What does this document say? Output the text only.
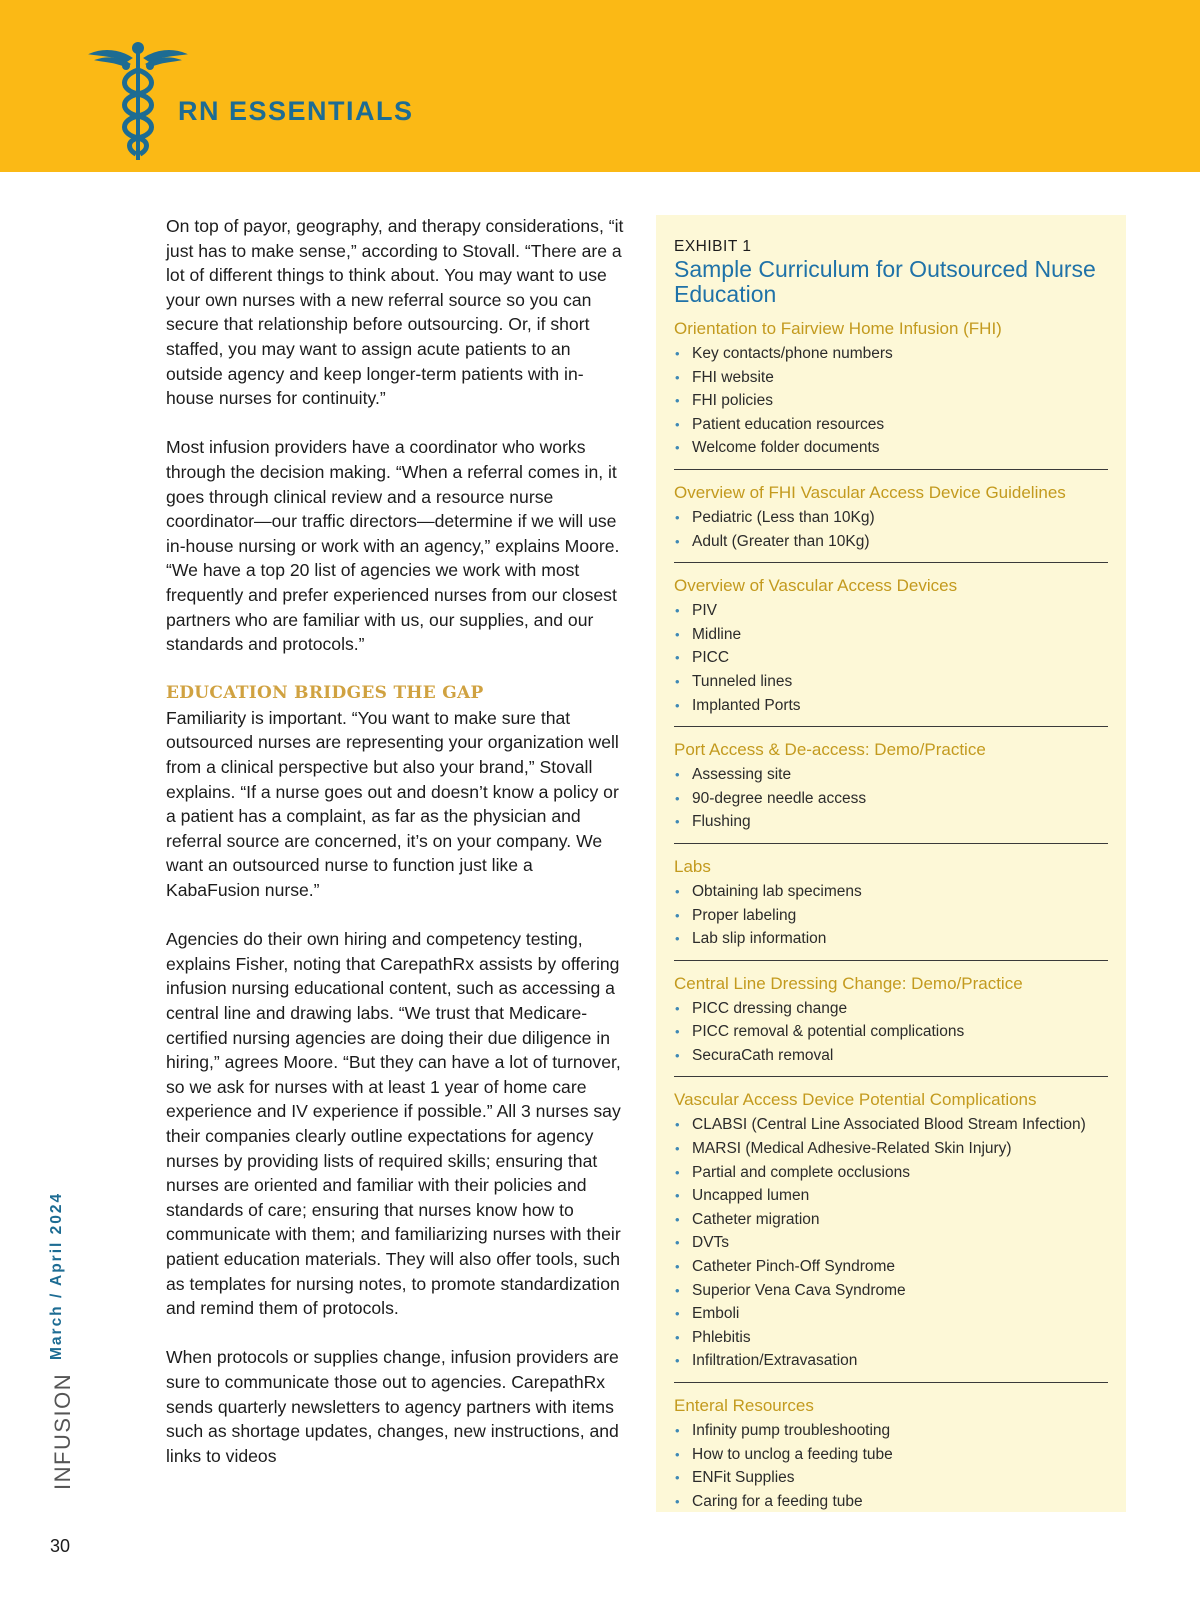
RN ESSENTIALS

On top of payor, geography, and therapy considerations, “it just has to make sense,” according to Stovall. “There are a lot of different things to think about. You may want to use your own nurses with a new referral source so you can secure that relationship before outsourcing. Or, if short staffed, you may want to assign acute patients to an outside agency and keep longer-term patients with in-house nurses for continuity.”

Most infusion providers have a coordinator who works through the decision making. “When a referral comes in, it goes through clinical review and a resource nurse coordinator—our traffic directors—determine if we will use in-house nursing or work with an agency,” explains Moore. “We have a top 20 list of agencies we work with most frequently and prefer experienced nurses from our closest partners who are familiar with us, our supplies, and our standards and protocols.”

EDUCATION BRIDGES THE GAP

Familiarity is important. “You want to make sure that outsourced nurses are representing your organization well from a clinical perspective but also your brand,” Stovall explains. “If a nurse goes out and doesn’t know a policy or a patient has a complaint, as far as the physician and referral source are concerned, it’s on your company. We want an outsourced nurse to function just like a KabaFusion nurse.”

Agencies do their own hiring and competency testing, explains Fisher, noting that CarepathRx assists by offering infusion nursing educational content, such as accessing a central line and drawing labs. “We trust that Medicare-certified nursing agencies are doing their due diligence in hiring,” agrees Moore. “But they can have a lot of turnover, so we ask for nurses with at least 1 year of home care experience and IV experience if possible.” All 3 nurses say their companies clearly outline expectations for agency nurses by providing lists of required skills; ensuring that nurses are oriented and familiar with their policies and standards of care; ensuring that nurses know how to communicate with them; and familiarizing nurses with their patient education materials. They will also offer tools, such as templates for nursing notes, to promote standardization and remind them of protocols.

When protocols or supplies change, infusion providers are sure to communicate those out to agencies. CarepathRx sends quarterly newsletters to agency partners with items such as shortage updates, changes, new instructions, and links to videos

EXHIBIT 1
Sample Curriculum for Outsourced Nurse Education
Orientation to Fairview Home Infusion (FHI)
• Key contacts/phone numbers
• FHI website
• FHI policies
• Patient education resources
• Welcome folder documents
Overview of FHI Vascular Access Device Guidelines
• Pediatric (Less than 10Kg)
• Adult (Greater than 10Kg)
Overview of Vascular Access Devices
• PIV
• Midline
• PICC
• Tunneled lines
• Implanted Ports
Port Access & De-access: Demo/Practice
• Assessing site
• 90-degree needle access
• Flushing
Labs
• Obtaining lab specimens
• Proper labeling
• Lab slip information
Central Line Dressing Change: Demo/Practice
• PICC dressing change
• PICC removal & potential complications
• SecuraCath removal
Vascular Access Device Potential Complications
• CLABSI (Central Line Associated Blood Stream Infection)
• MARSI (Medical Adhesive-Related Skin Injury)
• Partial and complete occlusions
• Uncapped lumen
• Catheter migration
• DVTs
• Catheter Pinch-Off Syndrome
• Superior Vena Cava Syndrome
• Emboli
• Phlebitis
• Infiltration/Extravasation
Enteral Resources
• Infinity pump troubleshooting
• How to unclog a feeding tube
• ENFit Supplies
• Caring for a feeding tube
March / April 2024
INFUSION
30
